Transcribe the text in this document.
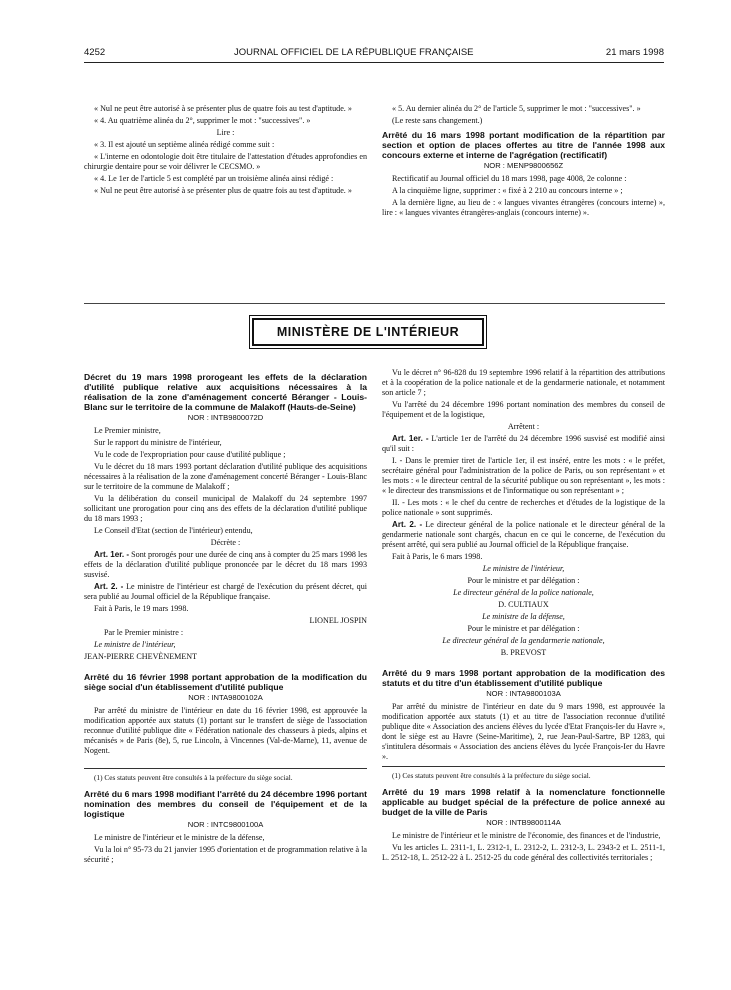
4252	JOURNAL OFFICIEL DE LA RÉPUBLIQUE FRANÇAISE	21 mars 1998

« Nul ne peut être autorisé à se présenter plus de quatre fois au test d'aptitude. »

« 4. Au quatrième alinéa du 2°, supprimer le mot : "successives". »

Lire :

« 3. Il est ajouté un septième alinéa rédigé comme suit :

« L'interne en odontologie doit être titulaire de l'attestation d'études approfondies en chirurgie dentaire pour se voir délivrer le CECSMO. »

« 4. Le 1er de l'article 5 est complété par un troisième alinéa ainsi rédigé :

« Nul ne peut être autorisé à se présenter plus de quatre fois au test d'aptitude. »

« 5. Au dernier alinéa du 2° de l'article 5, supprimer le mot : "successives". »

(Le reste sans changement.)

Arrêté du 16 mars 1998 portant modification de la répartition par section et option de places offertes au titre de l'année 1998 aux concours externe et interne de l'agrégation (rectificatif)

NOR : MENP9800656Z

Rectificatif au Journal officiel du 18 mars 1998, page 4008, 2e colonne :

A la cinquième ligne, supprimer : « fixé à 2 210 au concours interne » ;

A la dernière ligne, au lieu de : « langues vivantes étrangères (concours interne) », lire : « langues vivantes étrangères-anglais (concours interne) ».

MINISTÈRE DE L'INTÉRIEUR
Décret du 19 mars 1998 prorogeant les effets de la déclaration d'utilité publique relative aux acquisitions nécessaires à la réalisation de la zone d'aménagement concerté Béranger - Louis-Blanc sur le territoire de la commune de Malakoff (Hauts-de-Seine)

NOR : INTB9800072D

Le Premier ministre,

Sur le rapport du ministre de l'intérieur,

Vu le code de l'expropriation pour cause d'utilité publique ;

Vu le décret du 18 mars 1993 portant déclaration d'utilité publique des acquisitions nécessaires à la réalisation de la zone d'aménagement concerté Béranger - Louis-Blanc sur le territoire de la commune de Malakoff ;

Vu la délibération du conseil municipal de Malakoff du 24 septembre 1997 sollicitant une prorogation pour cinq ans des effets de la déclaration d'utilité publique du 18 mars 1993 ;

Le Conseil d'Etat (section de l'intérieur) entendu,

Décrète :

Art. 1er. - Sont prorogés pour une durée de cinq ans à compter du 25 mars 1998 les effets de la déclaration d'utilité publique prononcée par le décret du 18 mars 1993 susvisé.

Art. 2. - Le ministre de l'intérieur est chargé de l'exécution du présent décret, qui sera publié au Journal officiel de la République française.

Fait à Paris, le 19 mars 1998.

LIONEL JOSPIN

Par le Premier ministre :

Le ministre de l'intérieur,

JEAN-PIERRE CHEVÈNEMENT

Arrêté du 16 février 1998 portant approbation de la modification du siège social d'un établissement d'utilité publique

NOR : INTA9800102A

Par arrêté du ministre de l'intérieur en date du 16 février 1998, est approuvée la modification apportée aux statuts (1) portant sur le transfert de siège de l'association reconnue d'utilité publique dite « Fédération nationale des chasseurs à pieds, alpins et mécanisés » de Paris (8e), 5, rue Lincoln, à Vincennes (Val-de-Marne), 11, avenue de Nogent.

(1) Ces statuts peuvent être consultés à la préfecture du siège social.

Arrêté du 6 mars 1998 modifiant l'arrêté du 24 décembre 1996 portant nomination des membres du conseil de l'équipement et de la logistique

NOR : INTC9800100A

Le ministre de l'intérieur et le ministre de la défense,

Vu la loi n° 95-73 du 21 janvier 1995 d'orientation et de programmation relative à la sécurité ;

Vu le décret n° 96-828 du 19 septembre 1996 relatif à la répartition des attributions et à la coopération de la police nationale et de la gendarmerie nationale, et notamment son article 7 ;

Vu l'arrêté du 24 décembre 1996 portant nomination des membres du conseil de l'équipement et de la logistique,

Arrêtent :

Art. 1er. - L'article 1er de l'arrêté du 24 décembre 1996 susvisé est modifié ainsi qu'il suit :

I. - Dans le premier tiret de l'article 1er, il est inséré, entre les mots : « le préfet, secrétaire général pour l'administration de la police de Paris, ou son représentant » et les mots : « le directeur central de la sécurité publique ou son représentant », les mots : « le directeur des transmissions et de l'informatique ou son représentant » ;

II. - Les mots : « le chef du centre de recherches et d'études de la logistique de la police nationale » sont supprimés.

Art. 2. - Le directeur général de la police nationale et le directeur général de la gendarmerie nationale sont chargés, chacun en ce qui le concerne, de l'exécution du présent arrêté, qui sera publié au Journal officiel de la République française.

Fait à Paris, le 6 mars 1998.

Le ministre de l'intérieur,

Pour le ministre et par délégation :

Le directeur général de la police nationale,

D. CULTIAUX

Le ministre de la défense,

Pour le ministre et par délégation :

Le directeur général de la gendarmerie nationale,

B. PREVOST

Arrêté du 9 mars 1998 portant approbation de la modification des statuts et du titre d'un établissement d'utilité publique

NOR : INTA9800103A

Par arrêté du ministre de l'intérieur en date du 9 mars 1998, est approuvée la modification apportée aux statuts (1) et au titre de l'association reconnue d'utilité publique dite « Association des anciens élèves du lycée d'Etat François-Ier du Havre », dont le siège est au Havre (Seine-Maritime), 2, rue Jean-Paul-Sartre, BP 1283, qui s'intitulera désormais « Association des anciens élèves du lycée François-Ier du Havre ».

(1) Ces statuts peuvent être consultés à la préfecture du siège social.

Arrêté du 19 mars 1998 relatif à la nomenclature fonctionnelle applicable au budget spécial de la préfecture de police annexé au budget de la ville de Paris

NOR : INTB9800114A

Le ministre de l'intérieur et le ministre de l'économie, des finances et de l'industrie,

Vu les articles L. 2311-1, L. 2312-1, L. 2312-2, L. 2312-3, L. 2343-2 et L. 2511-1, L. 2512-18, L. 2512-22 à L. 2512-25 du code général des collectivités territoriales ;
